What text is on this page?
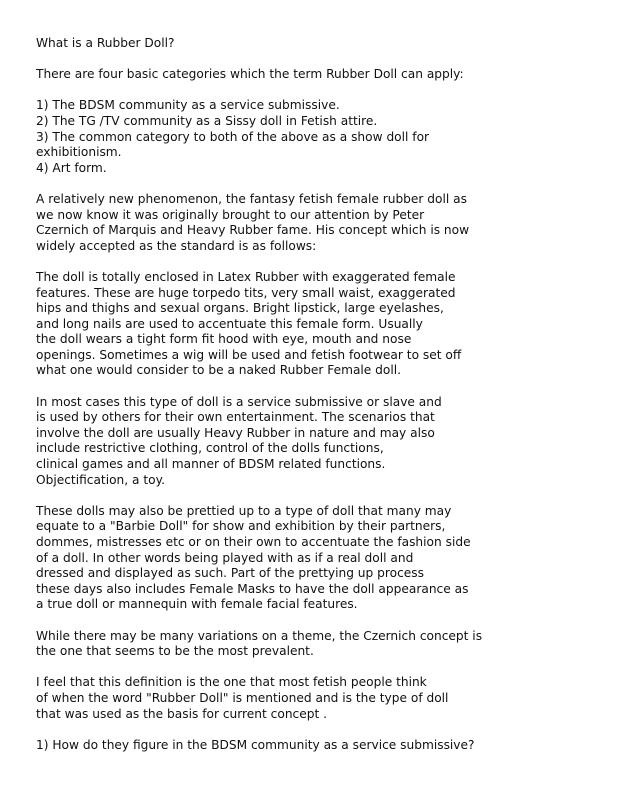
What is a Rubber Doll?
There are four basic categories which the term Rubber Doll can apply:
1) The BDSM community as a service submissive.
2) The TG /TV community as a Sissy doll in Fetish attire.
3) The common category to both of the above as a show doll for
exhibitionism.
4) Art form.
A relatively new phenomenon, the fantasy fetish female rubber doll as
we now know it was originally brought to our attention by Peter
Czernich of Marquis and Heavy Rubber fame. His concept which is now
widely accepted as the standard is as follows:
The doll is totally enclosed in Latex Rubber with exaggerated female
features. These are huge torpedo tits, very small waist, exaggerated
hips and thighs and sexual organs. Bright lipstick, large eyelashes,
and long nails are used to accentuate this female form. Usually
the doll wears a tight form fit hood with eye, mouth and nose
openings. Sometimes a wig will be used and fetish footwear to set off
what one would consider to be a naked Rubber Female doll.
In most cases this type of doll is a service submissive or slave and
is used by others for their own entertainment. The scenarios that
involve the doll are usually Heavy Rubber in nature and may also
include restrictive clothing, control of the dolls functions,
clinical games and all manner of BDSM related functions.
Objectification, a toy.
These dolls may also be prettied up to a type of doll that many may
equate to a "Barbie Doll" for show and exhibition by their partners,
dommes, mistresses etc or on their own to accentuate the fashion side
of a doll. In other words being played with as if a real doll and
dressed and displayed as such. Part of the prettying up process
these days also includes Female Masks to have the doll appearance as
a true doll or mannequin with female facial features.
While there may be many variations on a theme, the Czernich concept is
the one that seems to be the most prevalent.
I feel that this definition is the one that most fetish people think
of when the word "Rubber Doll" is mentioned and is the type of doll
that was used as the basis for current concept .
1) How do they figure in the BDSM community as a service submissive?
